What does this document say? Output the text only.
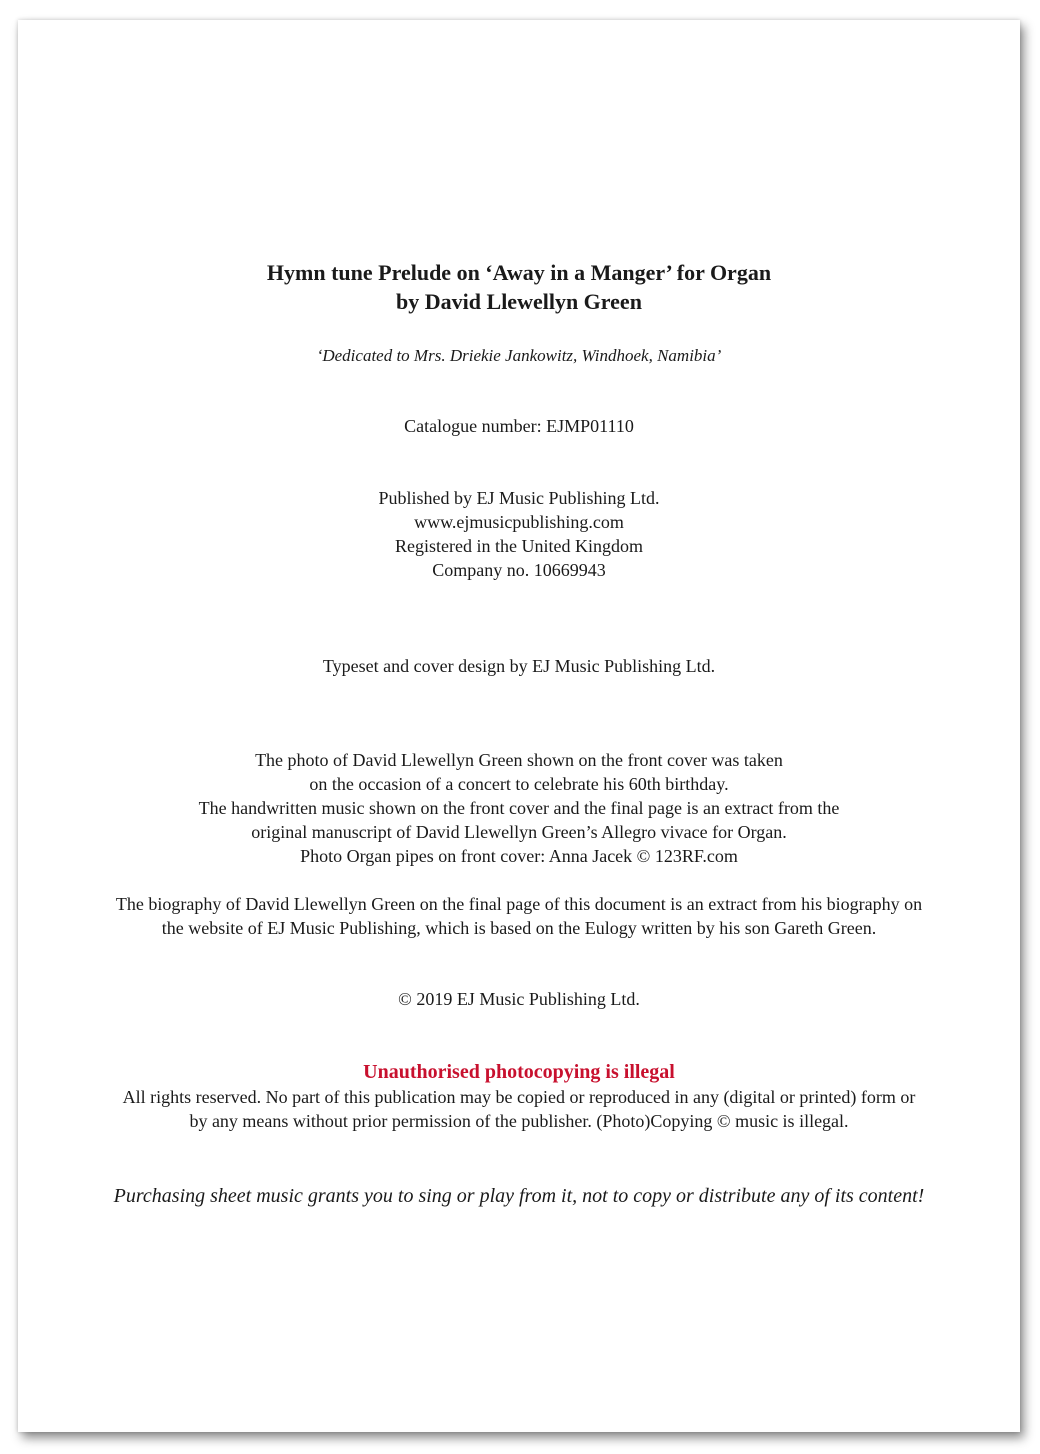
Hymn tune Prelude on ‘Away in a Manger’ for Organ
by David Llewellyn Green

‘Dedicated to Mrs. Driekie Jankowitz, Windhoek, Namibia’

Catalogue number: EJMP01110

Published by EJ Music Publishing Ltd.
www.ejmusicpublishing.com
Registered in the United Kingdom
Company no. 10669943

Typeset and cover design by EJ Music Publishing Ltd.

The photo of David Llewellyn Green shown on the front cover was taken
on the occasion of a concert to celebrate his 60th birthday.
The handwritten music shown on the front cover and the final page is an extract from the
original manuscript of David Llewellyn Green’s Allegro vivace for Organ.
Photo Organ pipes on front cover: Anna Jacek © 123RF.com

The biography of David Llewellyn Green on the final page of this document is an extract from his biography on
the website of EJ Music Publishing, which is based on the Eulogy written by his son Gareth Green.

© 2019 EJ Music Publishing Ltd.

Unauthorised photocopying is illegal

All rights reserved. No part of this publication may be copied or reproduced in any (digital or printed) form or
by any means without prior permission of the publisher. (Photo)Copying © music is illegal.

Purchasing sheet music grants you to sing or play from it, not to copy or distribute any of its content!
